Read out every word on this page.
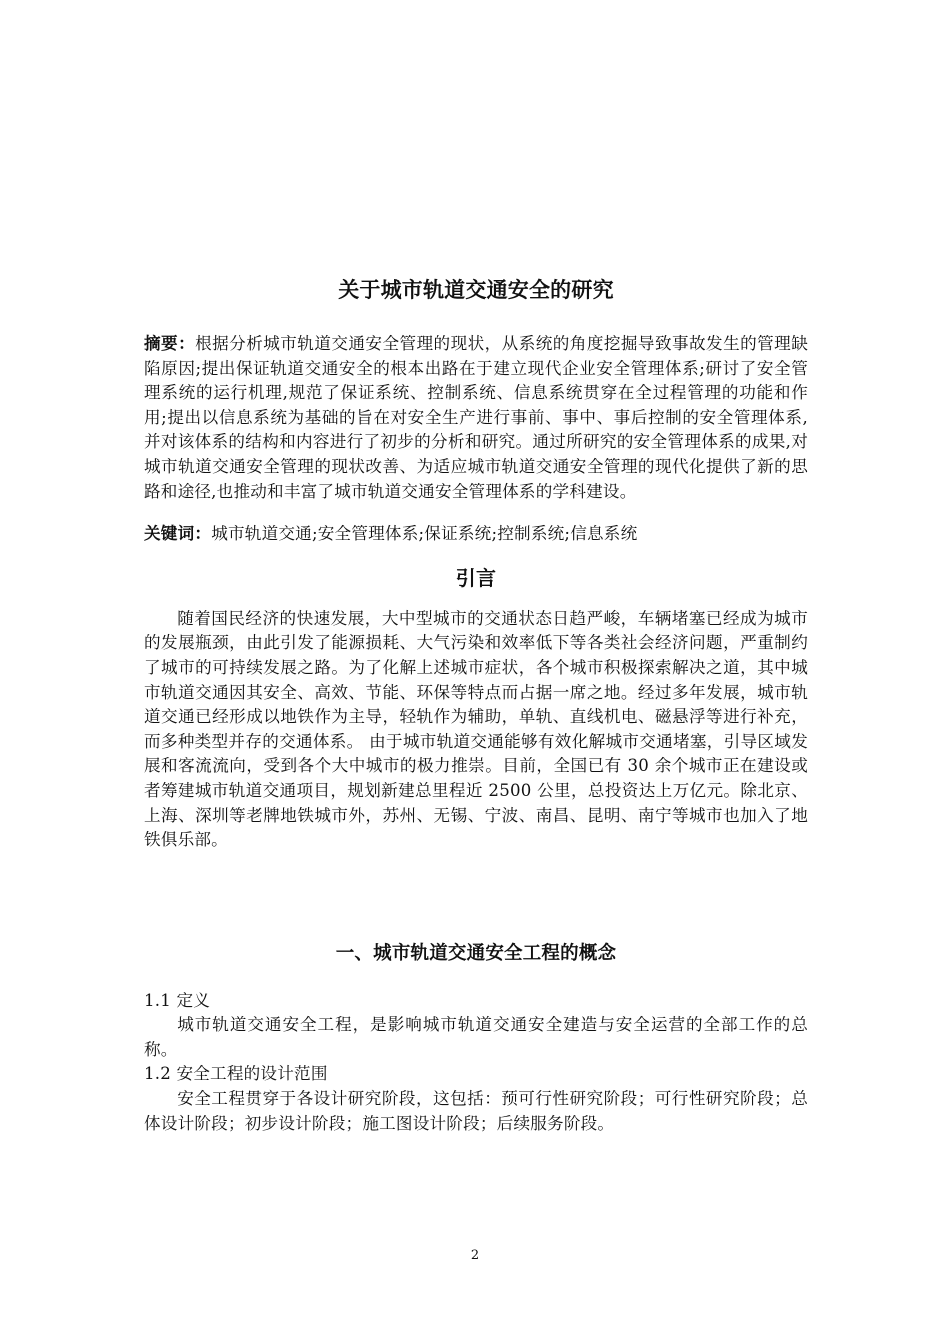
关于城市轨道交通安全的研究

摘要：根据分析城市轨道交通安全管理的现状，从系统的角度挖掘导致事故发生的管理缺陷原因;提出保证轨道交通安全的根本出路在于建立现代企业安全管理体系;研讨了安全管理系统的运行机理,规范了保证系统、控制系统、信息系统贯穿在全过程管理的功能和作用;提出以信息系统为基础的旨在对安全生产进行事前、事中、事后控制的安全管理体系,并对该体系的结构和内容进行了初步的分析和研究。通过所研究的安全管理体系的成果,对城市轨道交通安全管理的现状改善、为适应城市轨道交通安全管理的现代化提供了新的思路和途径,也推动和丰富了城市轨道交通安全管理体系的学科建设。

关键词：城市轨道交通;安全管理体系;保证系统;控制系统;信息系统

引言

随着国民经济的快速发展，大中型城市的交通状态日趋严峻，车辆堵塞已经成为城市的发展瓶颈，由此引发了能源损耗、大气污染和效率低下等各类社会经济问题，严重制约了城市的可持续发展之路。为了化解上述城市症状，各个城市积极探索解决之道，其中城市轨道交通因其安全、高效、节能、环保等特点而占据一席之地。经过多年发展，城市轨道交通已经形成以地铁作为主导，轻轨作为辅助，单轨、直线机电、磁悬浮等进行补充，而多种类型并存的交通体系。 由于城市轨道交通能够有效化解城市交通堵塞，引导区域发展和客流流向，受到各个大中城市的极力推崇。目前，全国已有 30 余个城市正在建设或者筹建城市轨道交通项目，规划新建总里程近 2500 公里，总投资达上万亿元。除北京、上海、深圳等老牌地铁城市外，苏州、无锡、宁波、南昌、昆明、南宁等城市也加入了地铁俱乐部。

一、城市轨道交通安全工程的概念

1.1 定义

城市轨道交通安全工程，是影响城市轨道交通安全建造与安全运营的全部工作的总称。

1.2 安全工程的设计范围

安全工程贯穿于各设计研究阶段，这包括：预可行性研究阶段；可行性研究阶段；总体设计阶段；初步设计阶段；施工图设计阶段；后续服务阶段。

2
